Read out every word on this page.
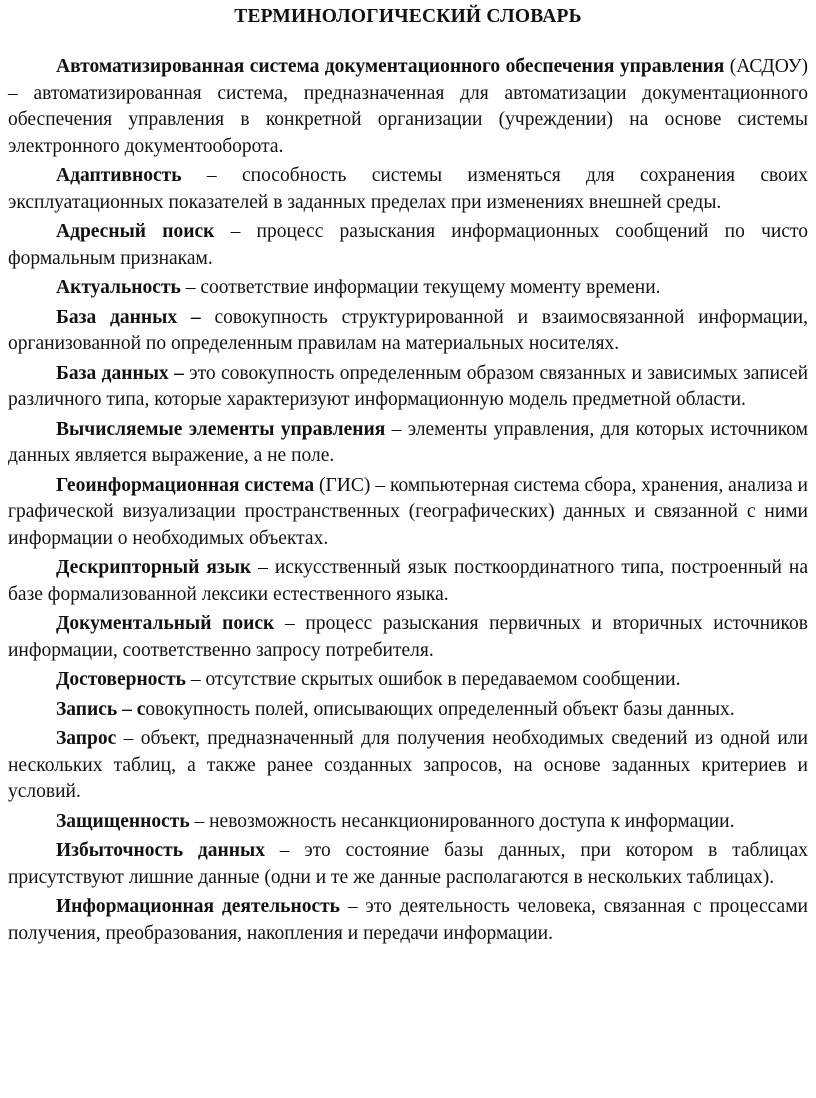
ТЕРМИНОЛОГИЧЕСКИЙ СЛОВАРЬ

Автоматизированная система документационного обеспечения управления (АСДОУ) – автоматизированная система, предназначенная для автоматизации документационного обеспечения управления в конкретной организации (учреждении) на основе системы электронного документооборота.

Адаптивность – способность системы изменяться для сохранения своих эксплуатационных показателей в заданных пределах при изменениях внешней среды.

Адресный поиск – процесс разыскания информационных сообщений по чисто формальным признакам.

Актуальность – соответствие информации текущему моменту времени.

База данных – совокупность структурированной и взаимосвязанной информации, организованной по определенным правилам на материальных носителях.

База данных – это совокупность определенным образом связанных и зависимых записей различного типа, которые характеризуют информационную модель предметной области.

Вычисляемые элементы управления – элементы управления, для которых источником данных является выражение, а не поле.

Геоинформационная система (ГИС) – компьютерная система сбора, хранения, анализа и графической визуализации пространственных (географических) данных и связанной с ними информации о необходимых объектах.

Дескрипторный язык – искусственный язык посткоординатного типа, построенный на базе формализованной лексики естественного языка.

Документальный поиск – процесс разыскания первичных и вторичных источников информации, соответственно запросу потребителя.

Достоверность – отсутствие скрытых ошибок в передаваемом сообщении.

Запись – совокупность полей, описывающих определенный объект базы данных.

Запрос – объект, предназначенный для получения необходимых сведений из одной или нескольких таблиц, а также ранее созданных запросов, на основе заданных критериев и условий.

Защищенность – невозможность несанкционированного доступа к информации.

Избыточность данных – это состояние базы данных, при котором в таблицах присутствуют лишние данные (одни и те же данные располагаются в нескольких таблицах).

Информационная деятельность – это деятельность человека, связанная с процессами получения, преобразования, накопления и передачи информации.
